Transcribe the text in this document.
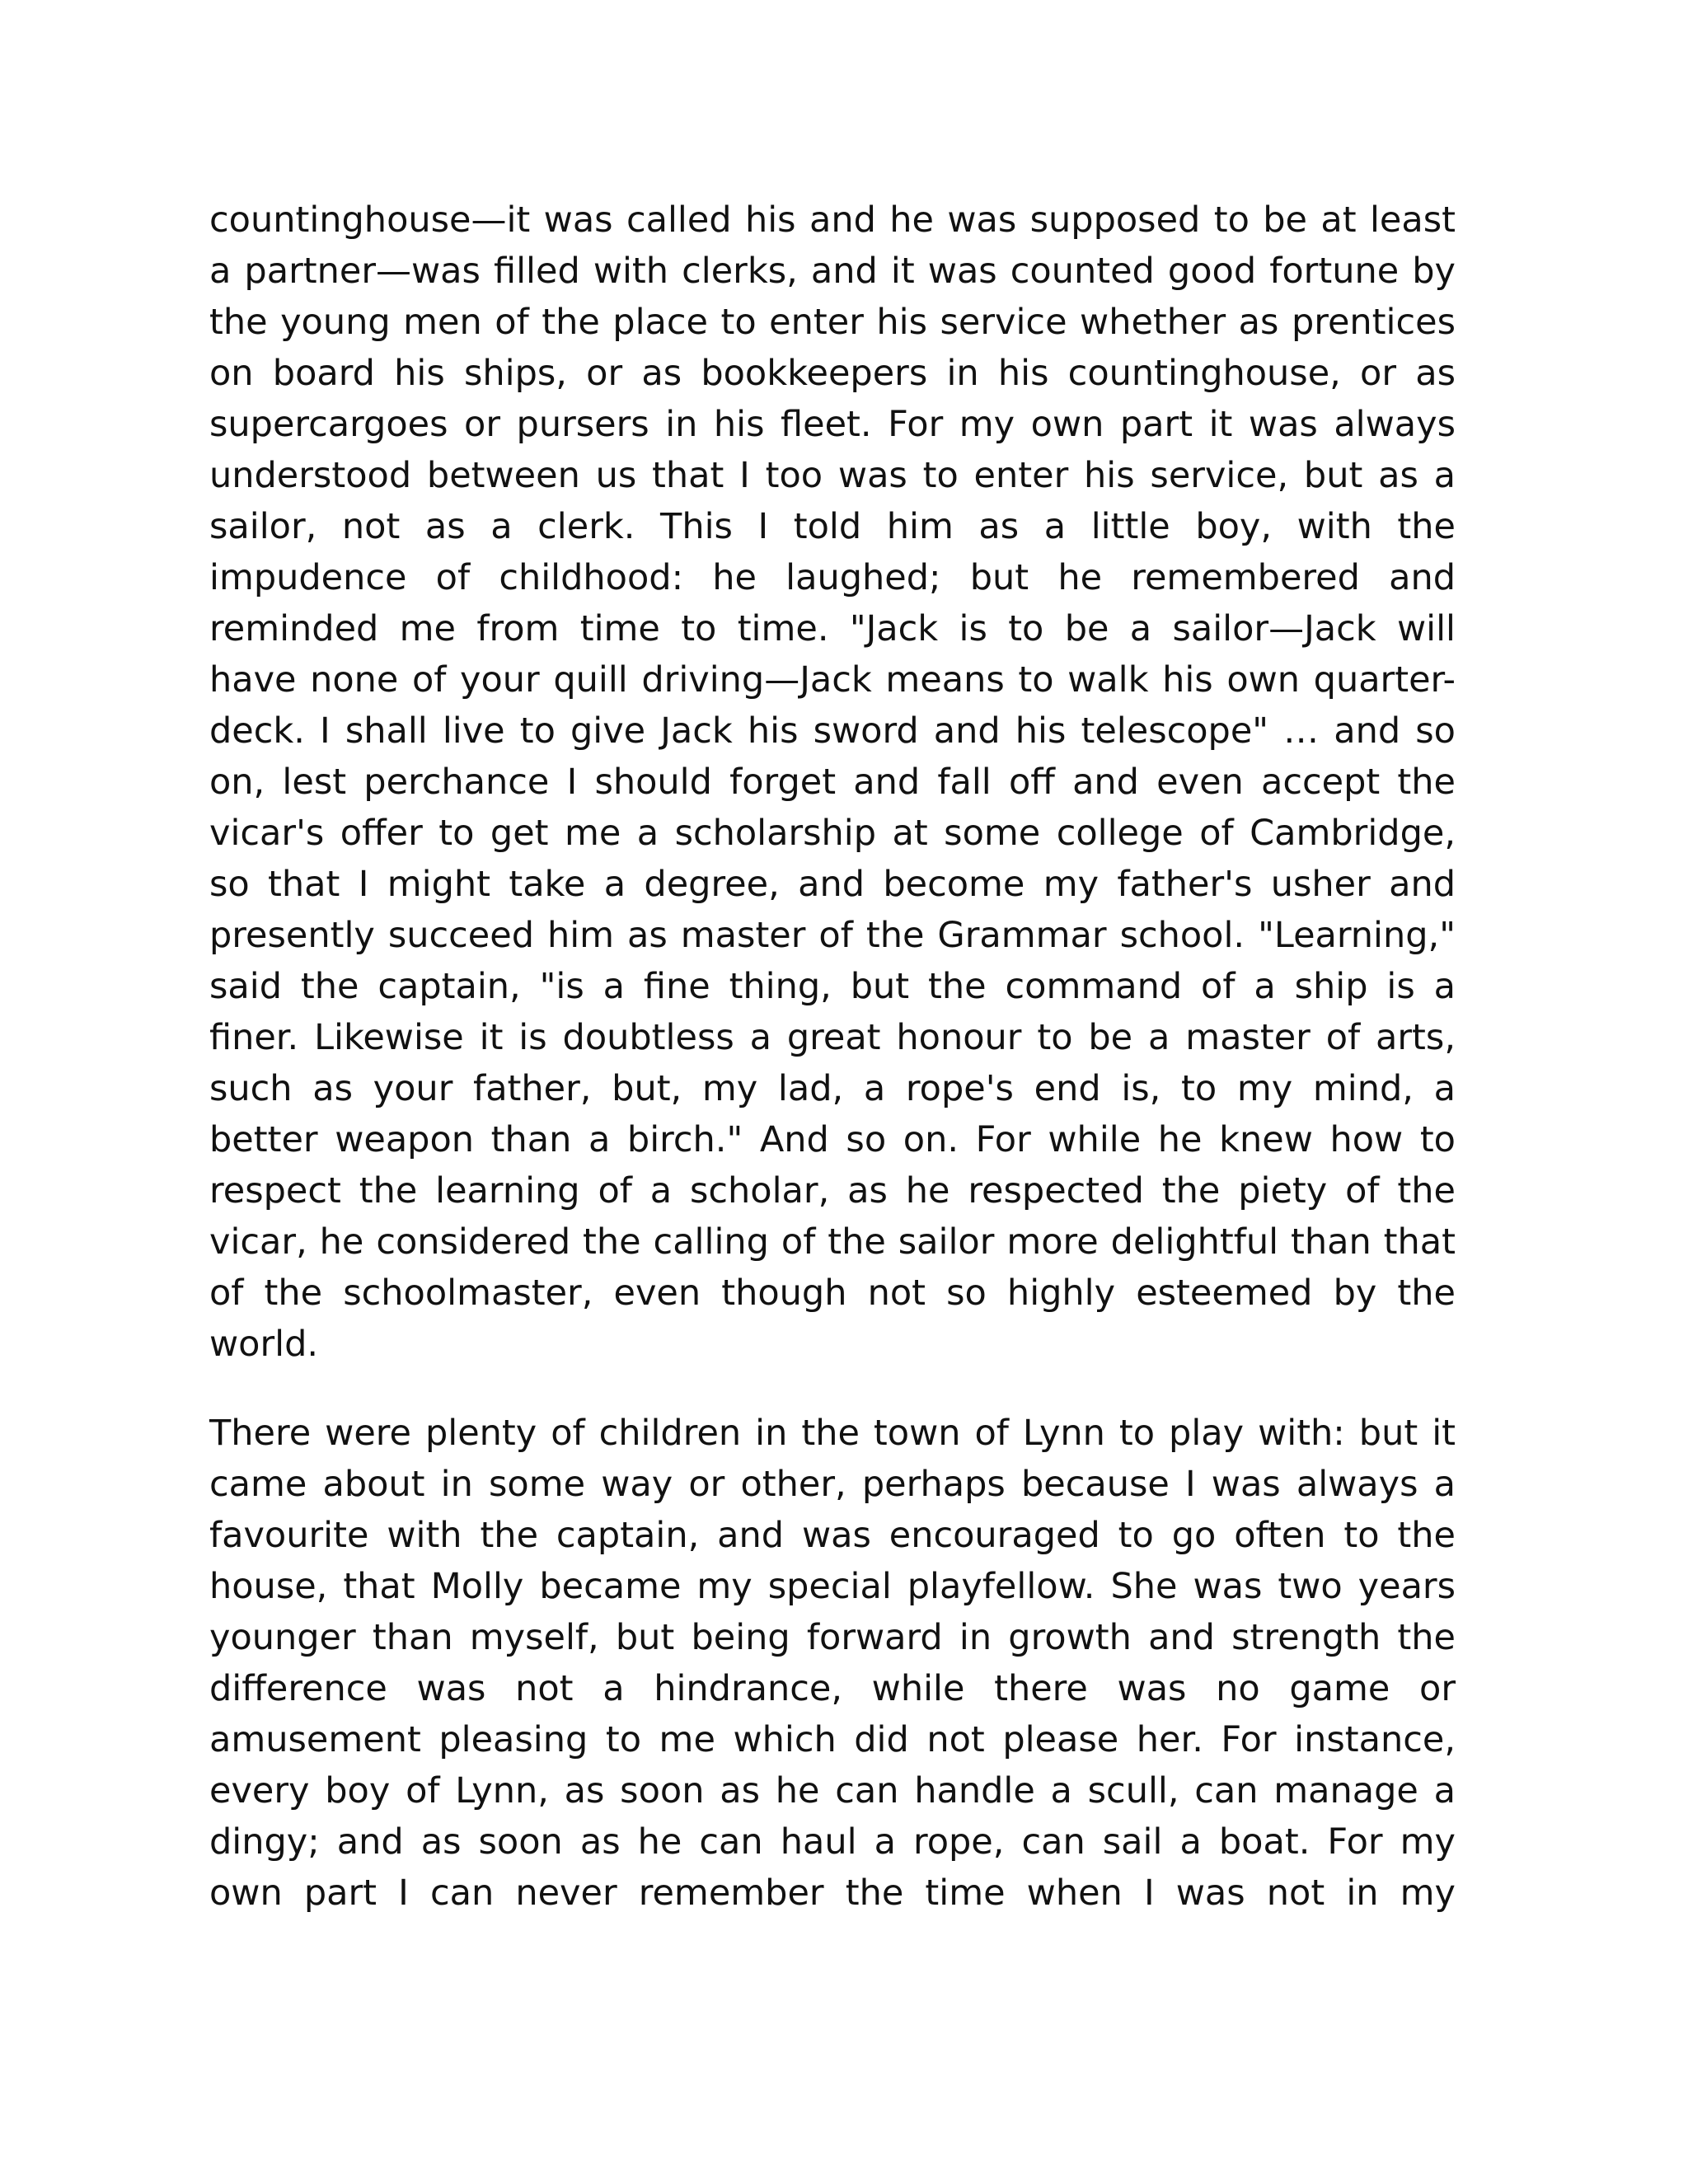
countinghouse—it was called his and he was supposed to be at least
a partner—was filled with clerks, and it was counted good fortune by
the young men of the place to enter his service whether as prentices
on board his ships, or as bookkeepers in his countinghouse, or as
supercargoes or pursers in his fleet. For my own part it was always
understood between us that I too was to enter his service, but as a
sailor, not as a clerk. This I told him as a little boy, with the
impudence of childhood: he laughed; but he remembered and
reminded me from time to time. "Jack is to be a sailor—Jack will
have none of your quill driving—Jack means to walk his own quarter-
deck. I shall live to give Jack his sword and his telescope" … and so
on, lest perchance I should forget and fall off and even accept the
vicar's offer to get me a scholarship at some college of Cambridge,
so that I might take a degree, and become my father's usher and
presently succeed him as master of the Grammar school. "Learning,"
said the captain, "is a fine thing, but the command of a ship is a
finer. Likewise it is doubtless a great honour to be a master of arts,
such as your father, but, my lad, a rope's end is, to my mind, a
better weapon than a birch." And so on. For while he knew how to
respect the learning of a scholar, as he respected the piety of the
vicar, he considered the calling of the sailor more delightful than that
of the schoolmaster, even though not so highly esteemed by the
world.

There were plenty of children in the town of Lynn to play with: but it
came about in some way or other, perhaps because I was always a
favourite with the captain, and was encouraged to go often to the
house, that Molly became my special playfellow. She was two years
younger than myself, but being forward in growth and strength the
difference was not a hindrance, while there was no game or
amusement pleasing to me which did not please her. For instance,
every boy of Lynn, as soon as he can handle a scull, can manage a
dingy; and as soon as he can haul a rope, can sail a boat. For my
own part I can never remember the time when I was not in my
